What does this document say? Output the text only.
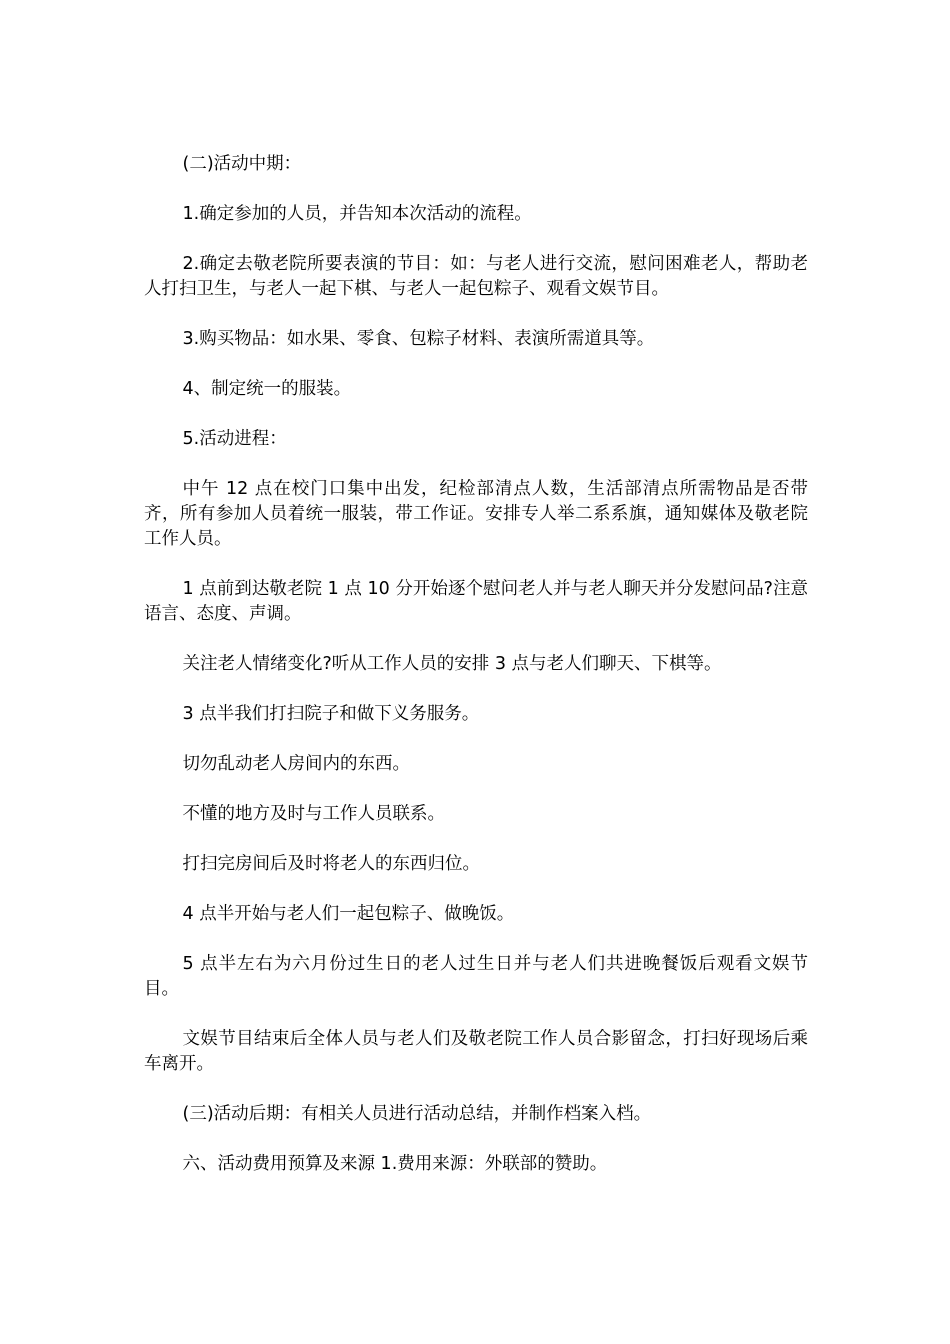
(二)活动中期：

1.确定参加的人员，并告知本次活动的流程。

2.确定去敬老院所要表演的节目：如：与老人进行交流，慰问困难老人，帮助老人打扫卫生，与老人一起下棋、与老人一起包粽子、观看文娱节目。

3.购买物品：如水果、零食、包粽子材料、表演所需道具等。

4、制定统一的服装。

5.活动进程：

中午 12 点在校门口集中出发，纪检部清点人数，生活部清点所需物品是否带齐，所有参加人员着统一服装，带工作证。安排专人举二系系旗，通知媒体及敬老院工作人员。

1 点前到达敬老院 1 点 10 分开始逐个慰问老人并与老人聊天并分发慰问品?注意语言、态度、声调。

关注老人情绪变化?听从工作人员的安排 3 点与老人们聊天、下棋等。

3 点半我们打扫院子和做下义务服务。

切勿乱动老人房间内的东西。

不懂的地方及时与工作人员联系。

打扫完房间后及时将老人的东西归位。

4 点半开始与老人们一起包粽子、做晚饭。

5 点半左右为六月份过生日的老人过生日并与老人们共进晚餐饭后观看文娱节目。

文娱节目结束后全体人员与老人们及敬老院工作人员合影留念，打扫好现场后乘车离开。

(三)活动后期：有相关人员进行活动总结，并制作档案入档。

六、活动费用预算及来源 1.费用来源：外联部的赞助。
